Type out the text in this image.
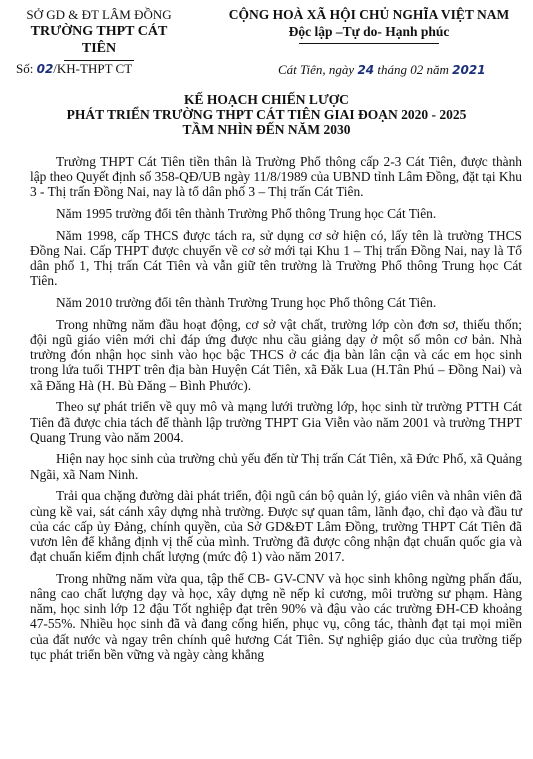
SỞ GD & ĐT LÂM ĐỒNG
TRƯỜNG THPT CÁT TIÊN
CỘNG HOÀ XÃ HỘI CHỦ NGHĨA VIỆT NAM
Độc lập –Tự do- Hạnh phúc
Số: 02/KH-THPT CT	Cát Tiên, ngày 24 tháng 02 năm 2021
KẾ HOẠCH CHIẾN LƯỢC
PHÁT TRIỂN TRƯỜNG THPT CÁT TIÊN GIAI ĐOẠN 2020 - 2025
TẦM NHÌN ĐẾN NĂM 2030

Trường THPT Cát Tiên tiền thân là Trường Phổ thông cấp 2-3 Cát Tiên, được thành lập theo Quyết định số 358-QĐ/UB ngày 11/8/1989 của UBND tỉnh Lâm Đồng, đặt tại Khu 3 - Thị trấn Đồng Nai, nay là tổ dân phố 3 – Thị trấn Cát Tiên.

Năm 1995 trường đổi tên thành Trường Phổ thông Trung học Cát Tiên.

Năm 1998, cấp THCS được tách ra, sử dụng cơ sở hiện có, lấy tên là trường THCS Đồng Nai. Cấp THPT được chuyển về cơ sở mới tại Khu 1 – Thị trấn Đồng Nai, nay là Tổ dân phố 1, Thị trấn Cát Tiên và vẫn giữ tên trường là Trường Phổ thông Trung học Cát Tiên.

Năm 2010 trường đổi tên thành Trường Trung học Phổ thông Cát Tiên.

Trong những năm đầu hoạt động, cơ sở vật chất, trường lớp còn đơn sơ, thiếu thốn; đội ngũ giáo viên mới chỉ đáp ứng được nhu cầu giảng dạy ở một số môn cơ bản. Nhà trường đón nhận học sinh vào học bậc THCS ở các địa bàn lân cận và các em học sinh trong lứa tuổi THPT trên địa bàn Huyện Cát Tiên, xã Đăk Lua (H.Tân Phú – Đồng Nai) và xã Đăng Hà (H. Bù Đăng – Bình Phước).

Theo sự phát triển về quy mô và mạng lưới trường lớp, học sinh từ trường PTTH Cát Tiên đã được chia tách để thành lập trường THPT Gia Viễn vào năm 2001 và trường THPT Quang Trung vào năm 2004.

Hiện nay học sinh của trường chủ yếu đến từ Thị trấn Cát Tiên, xã Đức Phổ, xã Quảng Ngãi, xã Nam Ninh.

Trải qua chặng đường dài phát triển, đội ngũ cán bộ quản lý, giáo viên và nhân viên đã cùng kề vai, sát cánh xây dựng nhà trường. Được sự quan tâm, lãnh đạo, chỉ đạo và đầu tư của các cấp ủy Đảng, chính quyền, của Sở GD&ĐT Lâm Đồng, trường THPT Cát Tiên đã vươn lên để khẳng định vị thế của mình. Trường đã được công nhận đạt chuẩn quốc gia và đạt chuẩn kiểm định chất lượng (mức độ 1) vào năm 2017.

Trong những năm vừa qua, tập thể CB- GV-CNV và học sinh không ngừng phấn đấu, nâng cao chất lượng dạy và học, xây dựng nề nếp kỉ cương, môi trường sư phạm. Hàng năm, học sinh lớp 12 đậu Tốt nghiệp đạt trên 90% và đậu vào các trường ĐH-CĐ khoảng 47-55%. Nhiều học sinh đã và đang cống hiến, phục vụ, công tác, thành đạt tại mọi miền của đất nước và ngay trên chính quê hương Cát Tiên. Sự nghiệp giáo dục của trường tiếp tục phát triển bền vững và ngày càng khẳng
